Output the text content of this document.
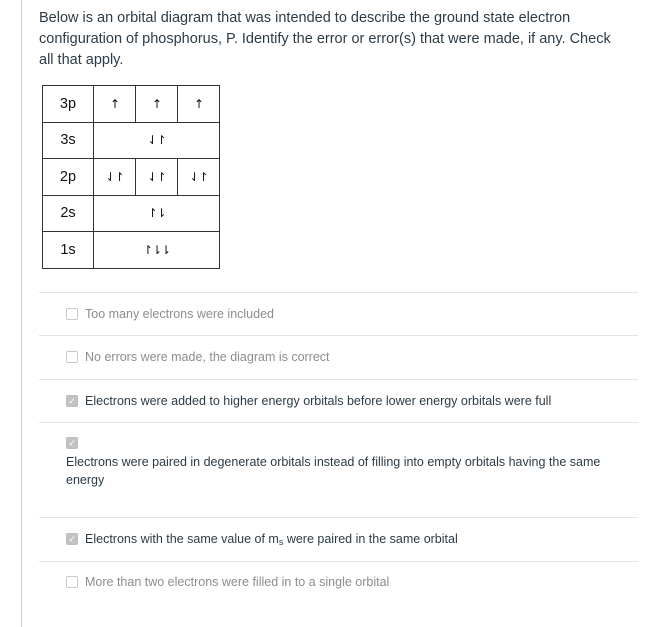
Below is an orbital diagram that was intended to describe the ground state electron configuration of phosphorus, P. Identify the error or error(s) that were made, if any. Check all that apply.
3p	↑ ↑ ↑

3s	⇃↾

2p	⇃↾ ⇃↾ ⇃↾

2s	↾⇂

1s	↾⇂⇂
Too many electrons were included
No errors were made, the diagram is correct
✓ Electrons were added to higher energy orbitals before lower energy orbitals were full
✓
Electrons were paired in degenerate orbitals instead of filling into empty orbitals having the same energy
✓ Electrons with the same value of $m_s$ were paired in the same orbital
More than two electrons were filled in to a single orbital
